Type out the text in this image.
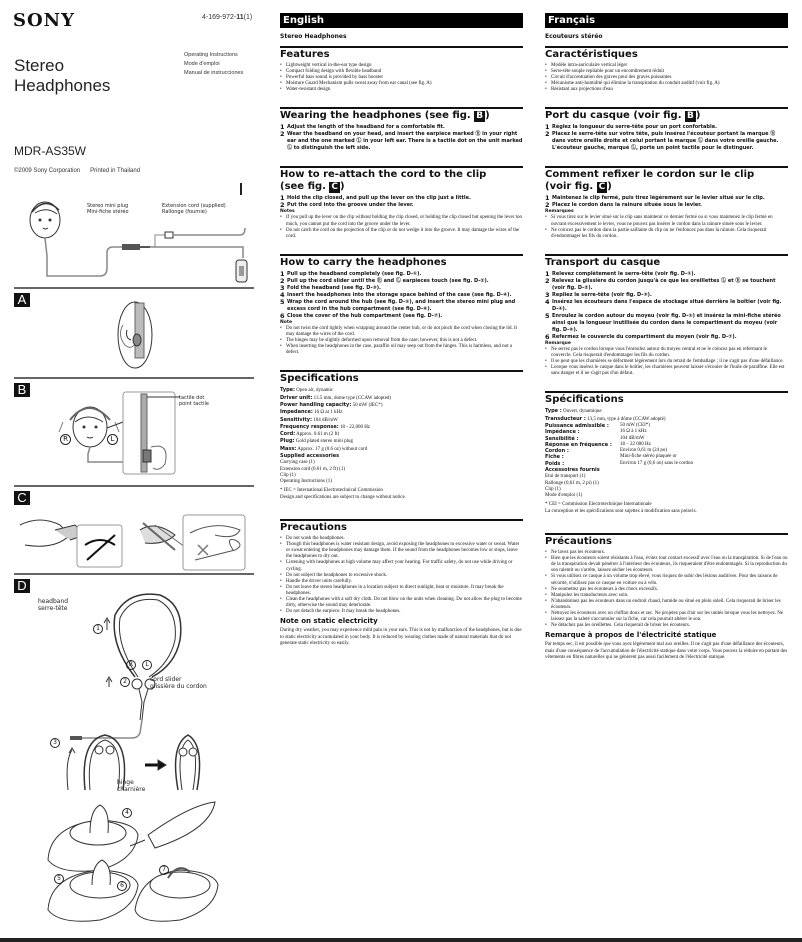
SONY	4-169-972-11(1)
Stereo
Headphones
Operating Instructions
Mode d'emploi
Manual de instrucciones
MDR-AS35W
©2009 Sony Corporation Printed in Thailand
Stereo mini plug
Mini-fiche stéréo
Extension cord (supplied)
Rallonge (fournie)
A
B
tactile dot
point tactile
R	L
C
D
headband
serre-tête
cord slider
glissière du cordon
hinge
charnière
1
R	L
2
3
4
5
6
7
English
Stereo Headphones
Features
• Lightweight vertical in-the-ear type design
• Compact folding design with flexible headband
• Powerful bass sound is provided by bass booster
• Moisture Guard Mechanism pulls sweat away from ear canal (see fig. A)
• Water-resistant design
Wearing the headphones (see fig. B )
1 Adjust the length of the headband for a comfortable fit.
2 Wear the headband on your head, and insert the earpiece marked Ⓡ in your right ear and the one marked Ⓛ in your left ear. There is a tactile dot on the unit marked Ⓛ to distinguish the left side.
How to re-attach the cord to the clip
(see fig. C )
1 Hold the clip closed, and pull up the lever on the clip just a little.
2 Put the cord into the groove under the lever.
Notes
• If you pull up the lever on the clip without holding the clip closed, or holding the clip closed but opening the lever too much, you cannot put the cord into the groove under the lever.
• Do not catch the cord on the projection of the clip or do not wedge it into the groove. It may damage the wires of the cord.
How to carry the headphones
1 Pull up the headband completely (see fig. D-①).
2 Pull up the cord slider until the Ⓡ and Ⓛ earpieces touch (see fig. D-②).
3 Fold the headband (see fig. D-③).
4 Insert the headphones into the storage space behind of the case (see fig. D-④).
5 Wrap the cord around the hub (see fig. D-⑤), and insert the stereo mini plug and excess cord in the hub compartment (see fig. D-⑥).
6 Close the cover of the hub compartment (see fig. D-⑦).
Note
• Do not twist the cord tightly when wrapping around the center hub, or do not pinch the cord when closing the lid. It may damage the wires of the cord.
• The hinges may be slightly deformed upon removal from the case; however, this is not a defect.
• When inserting the headphones in the case, paraffin oil may seep out from the hinges. This is harmless, and not a defect.
Specifications
Type: Open air, dynamic
Driver unit: 13.5 mm, dome type (CCAW adopted)
Power handling capacity: 50 mW (IEC*)
Impedance: 16 Ω at 1 kHz
Sensitivity: 104 dB/mW
Frequency response: 18 - 22,000 Hz
Cord: Approx. 0.61 m (2 ft)
Plug: Gold plated stereo mini plug
Mass: Approx. 17 g (0.6 oz) without cord
Supplied accessories
Carrying case (1)
Extension cord (0.61 m, 2 ft) (1)
Clip (1)
Operating Instructions (1)
* IEC = International Electrotechnical Commission
Design and specifications are subject to change without notice.
Precautions
• Do not wash the headphones.
• Though this headphones is water resistant design, avoid exposing the headphones to excessive water or sweat. Water or sweat entering the headphones may damage them. If the sound from the headphones becomes low or stops, leave the headphones to dry out.
• Listening with headphones at high volume may affect your hearing. For traffic safety, do not use while driving or cycling.
• Do not subject the headphones to excessive shock.
• Handle the driver units carefully.
• Do not leave the stereo headphones in a location subject to direct sunlight, heat or moisture. It may break the headphones.
• Clean the headphones with a soft dry cloth. Do not blow on the units when cleaning. Do not allow the plug to become dirty, otherwise the sound may deteriorate.
• Do not detach the earpiece. It may break the headphones.
Note on static electricity

During dry weather, you may experience mild pain in your ears. This is not by malfunction of the headphones, but is due to static electricity accumulated in your body. It is reduced by wearing clothes made of natural materials that do not generate static electricity so easily.

Français
Ecouteurs stéréo
Caractéristiques
• Modèle intra-auriculaire vertical léger
• Serre-tête souple repliable pour un encombrement réduit
• Circuit d'accentuation des graves pour des graves puissantes
• Mécanisme anti-humidité qui élimine la transpiration du conduit auditif (voir fig. A)
• Résistant aux projections d'eau
Port du casque (voir fig. B )
1 Réglez la longueur du serre-tête pour un port confortable.
2 Placez le serre-tête sur votre tête, puis insérez l'écouteur portant la marque Ⓡ dans votre oreille droite et celui portant la marque Ⓛ dans votre oreille gauche. L'écouteur gauche, marqué Ⓛ, porte un point tactile pour le distinguer.
Comment refixer le cordon sur le clip
(voir fig. C )
1 Maintenez le clip fermé, puis tirez légèrement sur le levier situé sur le clip.
2 Placez le cordon dans la rainure située sous le levier.
Remarques
• Si vous tirez sur le levier situé sur le clip sans maintenir ce dernier fermé ou si vous maintenez le clip fermé en ouvrant excessivement le levier, vous ne pouvez pas insérer le cordon dans la rainure située sous le levier.
• Ne coincez pas le cordon dans la partie saillante du clip ou ne l'enfoncez pas dans la rainure. Cela risquerait d'endommager les fils du cordon.
Transport du casque
1 Relevez complètement le serre-tête (voir fig. D-①).
2 Relevez la glissière du cordon jusqu'à ce que les oreillettes Ⓛ et Ⓡ se touchent (voir fig. D-②).
3 Repliez le serre-tête (voir fig. D-③).
4 Insérez les écouteurs dans l'espace de stockage situé derrière le boîtier (voir fig. D-④).
5 Enroulez le cordon autour du moyeu (voir fig. D-⑤) et insérez la mini-fiche stéréo ainsi que la longueur inutilisée du cordon dans le compartiment du moyeu (voir fig. D-⑥).
6 Refermez le couvercle du compartiment du moyen (voir fig. D-⑦).
Remarque
• Ne serrez pas le cordon lorsque vous l'enroulez autour du moyeu central et ne le coincez pas en refermant le couvercle. Cela risquerait d'endommager les fils du cordon.
• Il se peut que les charnières se déforment légèrement lors du retrait de l'emballage ; il ne s'agit pas d'une défaillance.
• Lorsque vous insérez le casque dans le boîtier, les charnières peuvent laisser s'écouler de l'huile de paraffine. Elle est sans danger et il ne s'agit pas d'un défaut.
Spécifications
Type : Ouvert, dynamique
Transducteur : 13,5 mm, type à dôme (CCAW adopté)
Puissance admissible :	50 mW (CEI*)
Impédance :	16 Ω à 1 kHz
Sensibilité :	104 dB/mW
Réponse en fréquence :	18 – 22 000 Hz
Cordon :	Environ 0,61 m (24 po)
Fiche :	Mini-fiche stéréo plaquée or
Poids :	Environ 17 g (0,6 on) sans le cordon
Accessoires fournis
Etui de transport (1)
Rallonge (0,61 m, 2 pi) (1)
Clip (1)
Mode d'emploi (1)
* CEI = Commission Electrotechnique Internationale
La conception et les spécifications sont sujettes à modification sans préavis.
Précautions
• Ne lavez pas les écouteurs.
• Bien que les écouteurs soient résistants à l'eau, évitez tout contact excessif avec l'eau ou la transpiration. Si de l'eau ou de la transpiration devait pénétrer à l'intérieur des écouteurs, ils risqueraient d'être endommagés. Si la reproduction du son ralentit ou s'arrête, laissez sécher les écouteurs.
• Si vous utilisez ce casque à un volume trop élevé, vous risquez de subir des lésions auditives. Pour des raisons de sécurité, n'utilisez pas ce casque en voiture ou à vélo.
• Ne soumettez pas les écouteurs à des chocs excessifs.
• Manipulez les transducteurs avec soin.
• N'abandonnez pas les écouteurs dans un endroit chaud, humide ou situé en plein soleil. Cela risquerait de briser les écouteurs.
• Nettoyez les écouteurs avec un chiffon doux et sec. Ne projetez pas d'air sur les unités lorsque vous les nettoyez. Ne laissez pas la saleté s'accumuler sur la fiche, car cela pourrait altérer le son.
• Ne détachez pas les oreillettes. Cela risquerait de briser les écouteurs.
Remarque à propos de l'électricité statique

Par temps sec, il est possible que vous ayez légèrement mal aux oreilles. Il ne s'agit pas d'une défaillance des écouteurs, mais d'une conséquence de l'accumulation de l'électricité statique dans votre corps. Vous pouvez la réduire en portant des vêtements en fibres naturelles qui ne génèrent pas aussi facilement de l'électricité statique.
